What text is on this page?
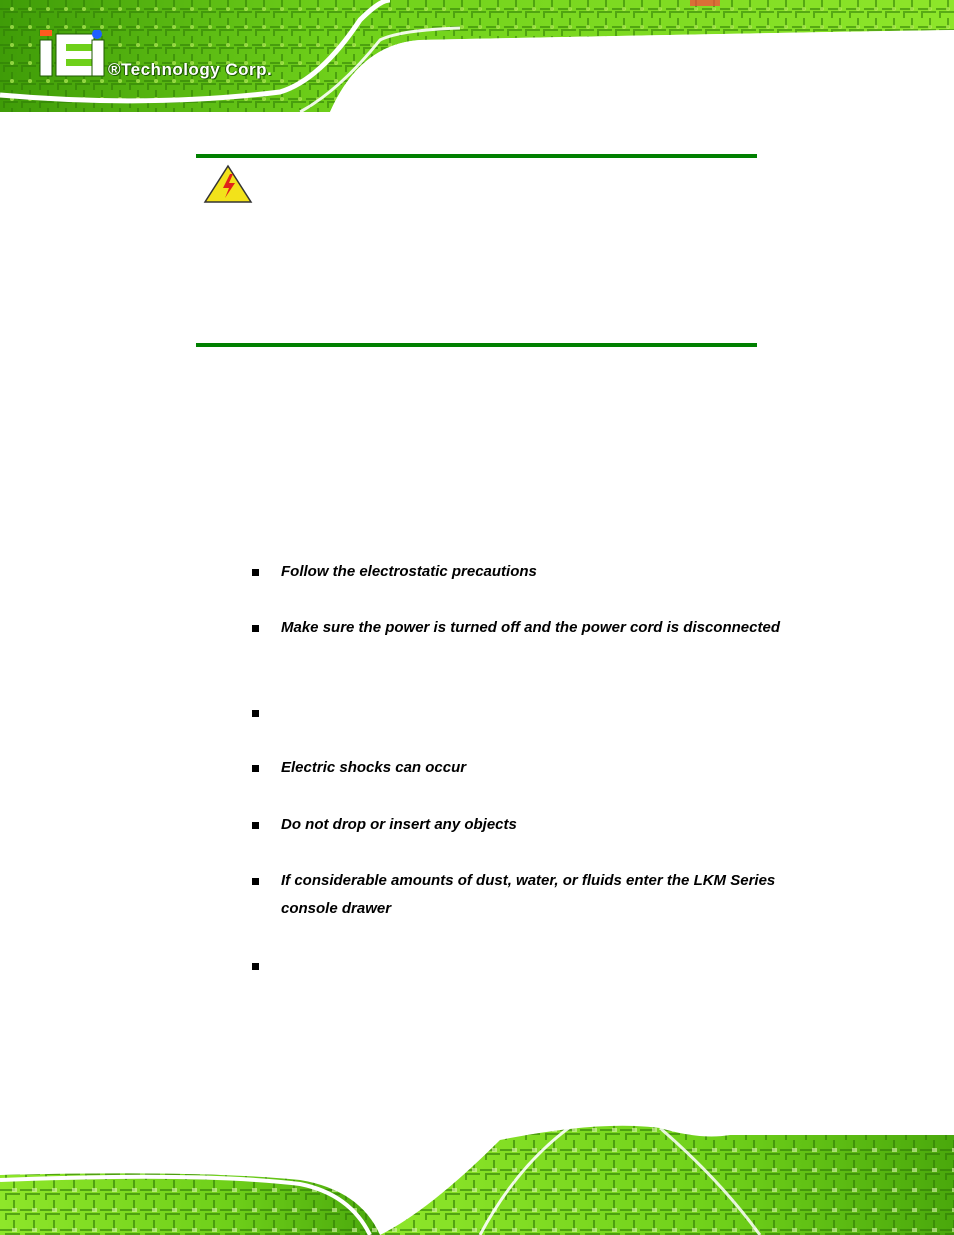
®Technology Corp.
Follow the electrostatic precautions
Make sure the power is turned off and the power cord is disconnected
Electric shocks can occur
Do not drop or insert any objects
If considerable amounts of dust, water, or fluids enter the LKM Series
console drawer
